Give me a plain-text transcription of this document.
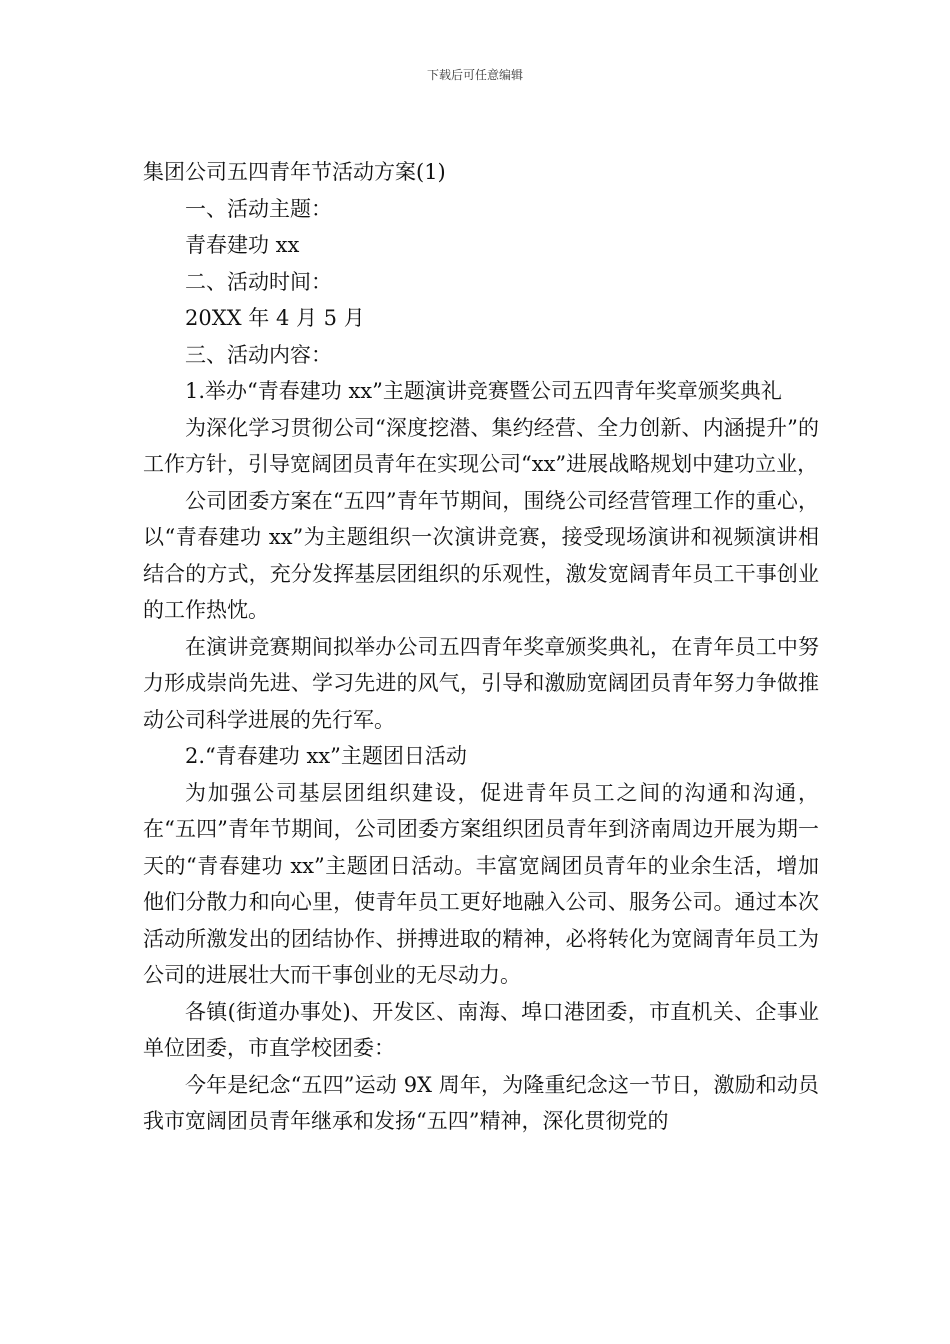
下载后可任意编辑

集团公司五四青年节活动方案(1)

一、活动主题：

青春建功 xx

二、活动时间：

20XX 年 4 月 5 月

三、活动内容：

1.举办“青春建功 xx”主题演讲竞赛暨公司五四青年奖章颁奖典礼

为深化学习贯彻公司“深度挖潜、集约经营、全力创新、内涵提升”的工作方针，引导宽阔团员青年在实现公司“xx”进展战略规划中建功立业，

公司团委方案在“五四”青年节期间，围绕公司经营管理工作的重心，以“青春建功 xx”为主题组织一次演讲竞赛，接受现场演讲和视频演讲相结合的方式，充分发挥基层团组织的乐观性，激发宽阔青年员工干事创业的工作热忱。

在演讲竞赛期间拟举办公司五四青年奖章颁奖典礼，在青年员工中努力形成崇尚先进、学习先进的风气，引导和激励宽阔团员青年努力争做推动公司科学进展的先行军。

2.“青春建功 xx”主题团日活动

为加强公司基层团组织建设，促进青年员工之间的沟通和沟通，在“五四”青年节期间，公司团委方案组织团员青年到济南周边开展为期一天的“青春建功 xx”主题团日活动。丰富宽阔团员青年的业余生活，增加他们分散力和向心里，使青年员工更好地融入公司、服务公司。通过本次活动所激发出的团结协作、拼搏进取的精神，必将转化为宽阔青年员工为公司的进展壮大而干事创业的无尽动力。

各镇(街道办事处)、开发区、南海、埠口港团委，市直机关、企事业单位团委，市直学校团委：

今年是纪念“五四”运动 9X 周年，为隆重纪念这一节日，激励和动员我市宽阔团员青年继承和发扬“五四”精神，深化贯彻党的
